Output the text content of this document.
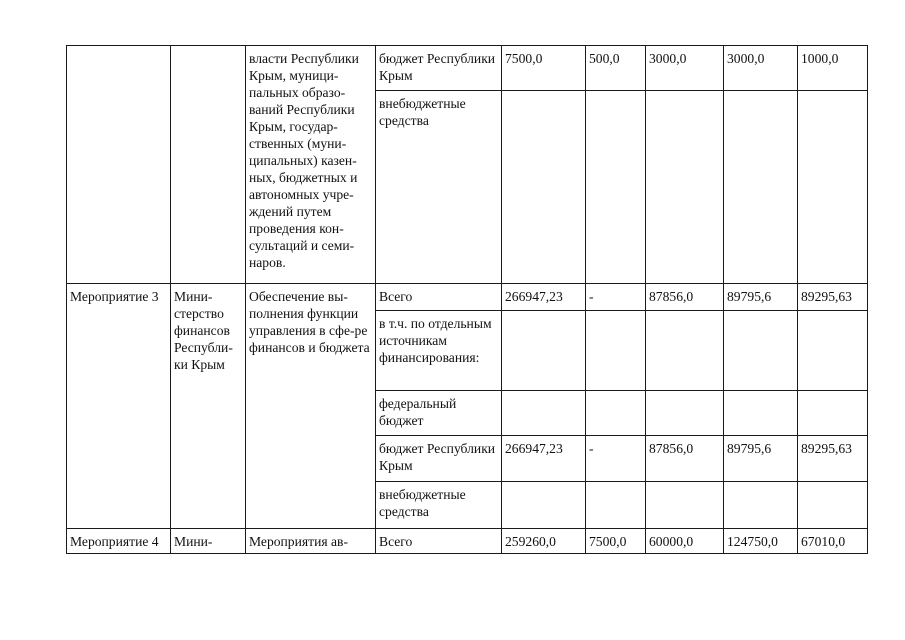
		власти Республики Крым, муници-пальных образо-ваний Республики Крым, государ-ственных (муни-ципальных) казен-ных, бюджетных и автономных учре-ждений путем проведения кон-сультаций и семи-наров.	бюджет Республики Крым	7500,0	500,0	3000,0	3000,0	1000,0
			внебюджетные средства					
Мероприятие 3	Мини-стерство финансов Республи-ки Крым	Обеспечение вы-полнения функции управления в сфе-ре финансов и бюджета	Всего	266947,23	-	87856,0	89795,6	89295,63
			в т.ч. по отдельным источникам финансирования:					
			федеральный бюджет					
			бюджет Республики Крым	266947,23	-	87856,0	89795,6	89295,63
			внебюджетные средства					
Мероприятие 4	Мини-	Мероприятия ав-	Всего	259260,0	7500,0	60000,0	124750,0	67010,0
